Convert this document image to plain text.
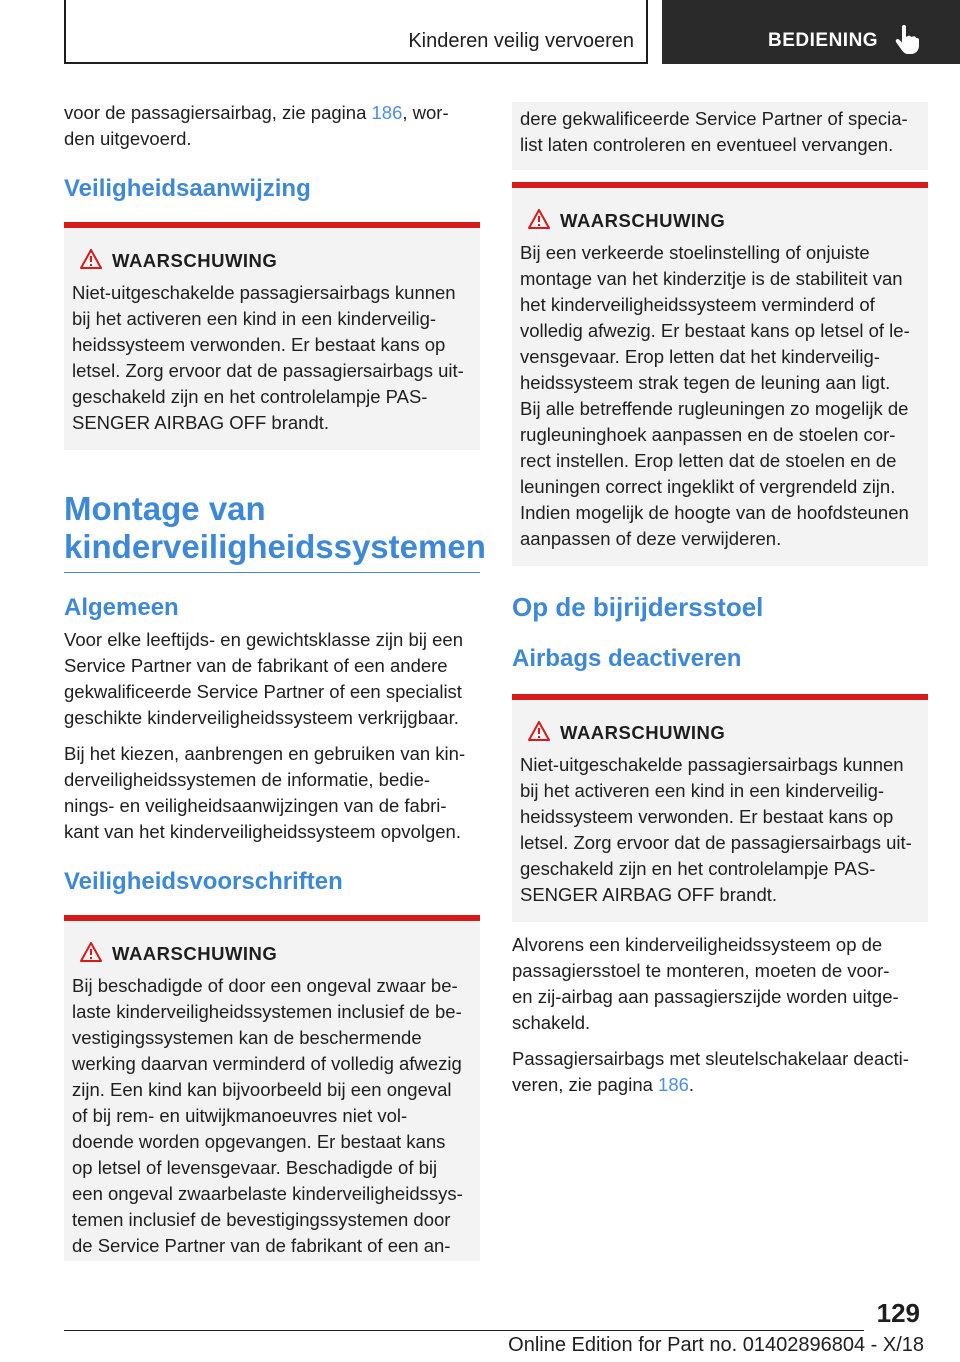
Kinderen veilig vervoeren	BEDIENING

voor de passagiersairbag, zie pagina 186, wor-
den uitgevoerd.

Veiligheidsaanwijzing
WAARSCHUWING

Niet-uitgeschakelde passagiersairbags kunnen
bij het activeren een kind in een kinderveilig-
heidssysteem verwonden. Er bestaat kans op
letsel. Zorg ervoor dat de passagiersairbags uit-
geschakeld zijn en het controlelampje PAS-
SENGER AIRBAG OFF brandt.

Montage van
kinderveiligheidssystemen
Algemeen

Voor elke leeftijds- en gewichtsklasse zijn bij een
Service Partner van de fabrikant of een andere
gekwalificeerde Service Partner of een specialist
geschikte kinderveiligheidssysteem verkrijgbaar.

Bij het kiezen, aanbrengen en gebruiken van kin-
derveiligheidssystemen de informatie, bedie-
nings- en veiligheidsaanwijzingen van de fabri-
kant van het kinderveiligheidssysteem opvolgen.

Veiligheidsvoorschriften
WAARSCHUWING

Bij beschadigde of door een ongeval zwaar be-
laste kinderveiligheidssystemen inclusief de be-
vestigingssystemen kan de beschermende
werking daarvan verminderd of volledig afwezig
zijn. Een kind kan bijvoorbeeld bij een ongeval
of bij rem- en uitwijkmanoeuvres niet vol-
doende worden opgevangen. Er bestaat kans
op letsel of levensgevaar. Beschadigde of bij
een ongeval zwaarbelaste kinderveiligheidssys-
temen inclusief de bevestigingssystemen door
de Service Partner van de fabrikant of een an-

dere gekwalificeerde Service Partner of specia-
list laten controleren en eventueel vervangen.

WAARSCHUWING

Bij een verkeerde stoelinstelling of onjuiste
montage van het kinderzitje is de stabiliteit van
het kinderveiligheidssysteem verminderd of
volledig afwezig. Er bestaat kans op letsel of le-
vensgevaar. Erop letten dat het kinderveilig-
heidssysteem strak tegen de leuning aan ligt.
Bij alle betreffende rugleuningen zo mogelijk de
rugleuninghoek aanpassen en de stoelen cor-
rect instellen. Erop letten dat de stoelen en de
leuningen correct ingeklikt of vergrendeld zijn.
Indien mogelijk de hoogte van de hoofdsteunen
aanpassen of deze verwijderen.

Op de bijrijdersstoel
Airbags deactiveren
WAARSCHUWING

Niet-uitgeschakelde passagiersairbags kunnen
bij het activeren een kind in een kinderveilig-
heidssysteem verwonden. Er bestaat kans op
letsel. Zorg ervoor dat de passagiersairbags uit-
geschakeld zijn en het controlelampje PAS-
SENGER AIRBAG OFF brandt.

Alvorens een kinderveiligheidssysteem op de
passagiersstoel te monteren, moeten de voor-
en zij-airbag aan passagierszijde worden uitge-
schakeld.

Passagiersairbags met sleutelschakelaar deacti-
veren, zie pagina 186.

129
Online Edition for Part no. 01402896804 - X/18
